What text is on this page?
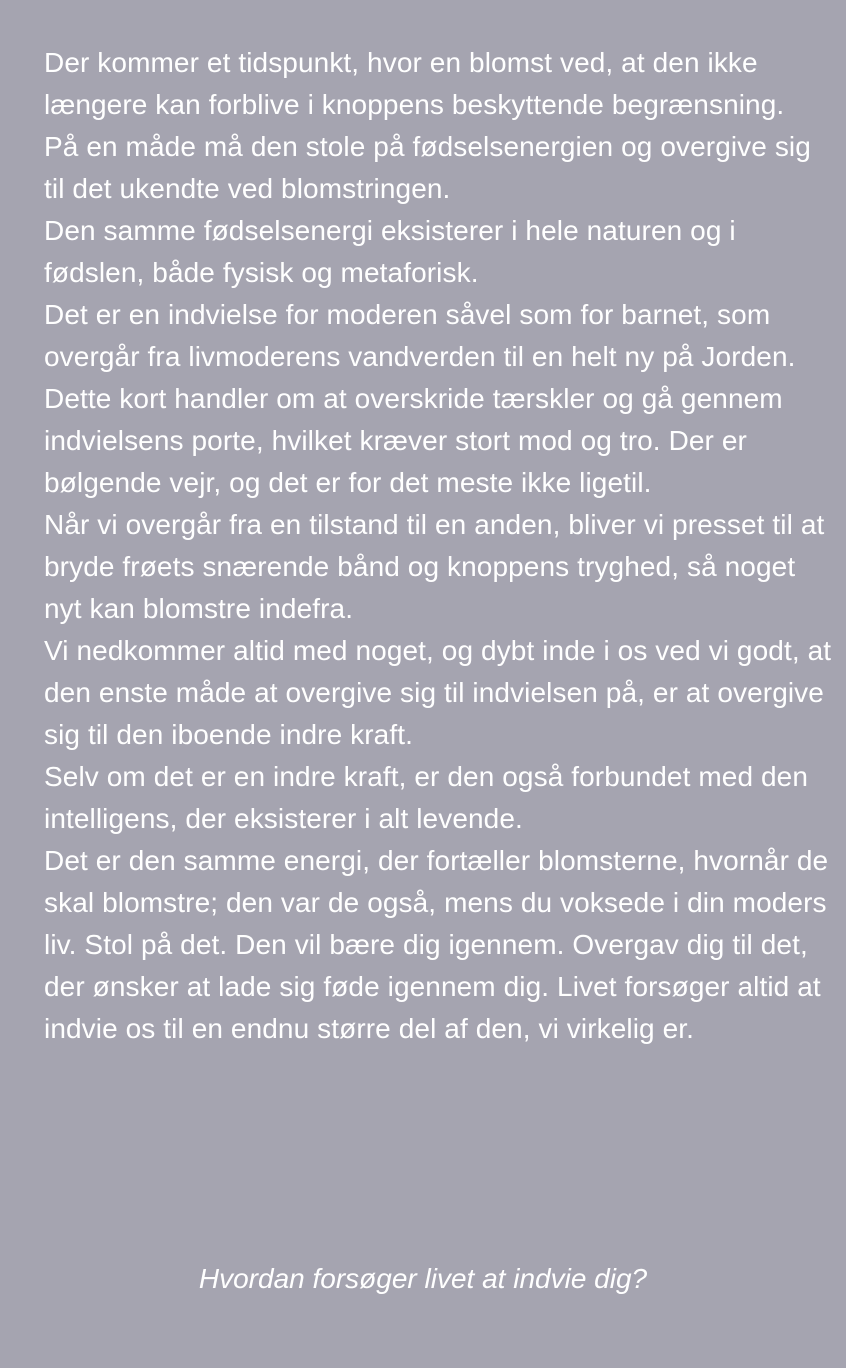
Der kommer et tidspunkt, hvor en blomst ved, at den ikke længere kan forblive i knoppens beskyttende begrænsning.

På en måde må den stole på fødselsenergien og overgive sig til det ukendte ved blomstringen.

Den samme fødselsenergi eksisterer i hele naturen og i fødslen, både fysisk og metaforisk.

Det er en indvielse for moderen såvel som for barnet, som overgår fra livmoderens vandverden til en helt ny på Jorden.

Dette kort handler om at overskride tærskler og gå gennem indvielsens porte, hvilket kræver stort mod og tro. Der er bølgende vejr, og det er for det meste ikke ligetil.

Når vi overgår fra en tilstand til en anden, bliver vi presset til at bryde frøets snærende bånd og knoppens tryghed, så noget nyt kan blomstre indefra.

Vi nedkommer altid med noget, og dybt inde i os ved vi godt, at den enste måde at overgive sig til indvielsen på, er at overgive sig til den iboende indre kraft.

Selv om det er en indre kraft, er den også forbundet med den intelligens, der eksisterer i alt levende.

Det er den samme energi, der fortæller blomsterne, hvornår de skal blomstre; den var de også, mens du voksede i din moders liv. Stol på det. Den vil bære dig igennem. Overgav dig til det, der ønsker at lade sig føde igennem dig. Livet forsøger altid at indvie os til en endnu større del af den, vi virkelig er.

Hvordan forsøger livet at indvie dig?
